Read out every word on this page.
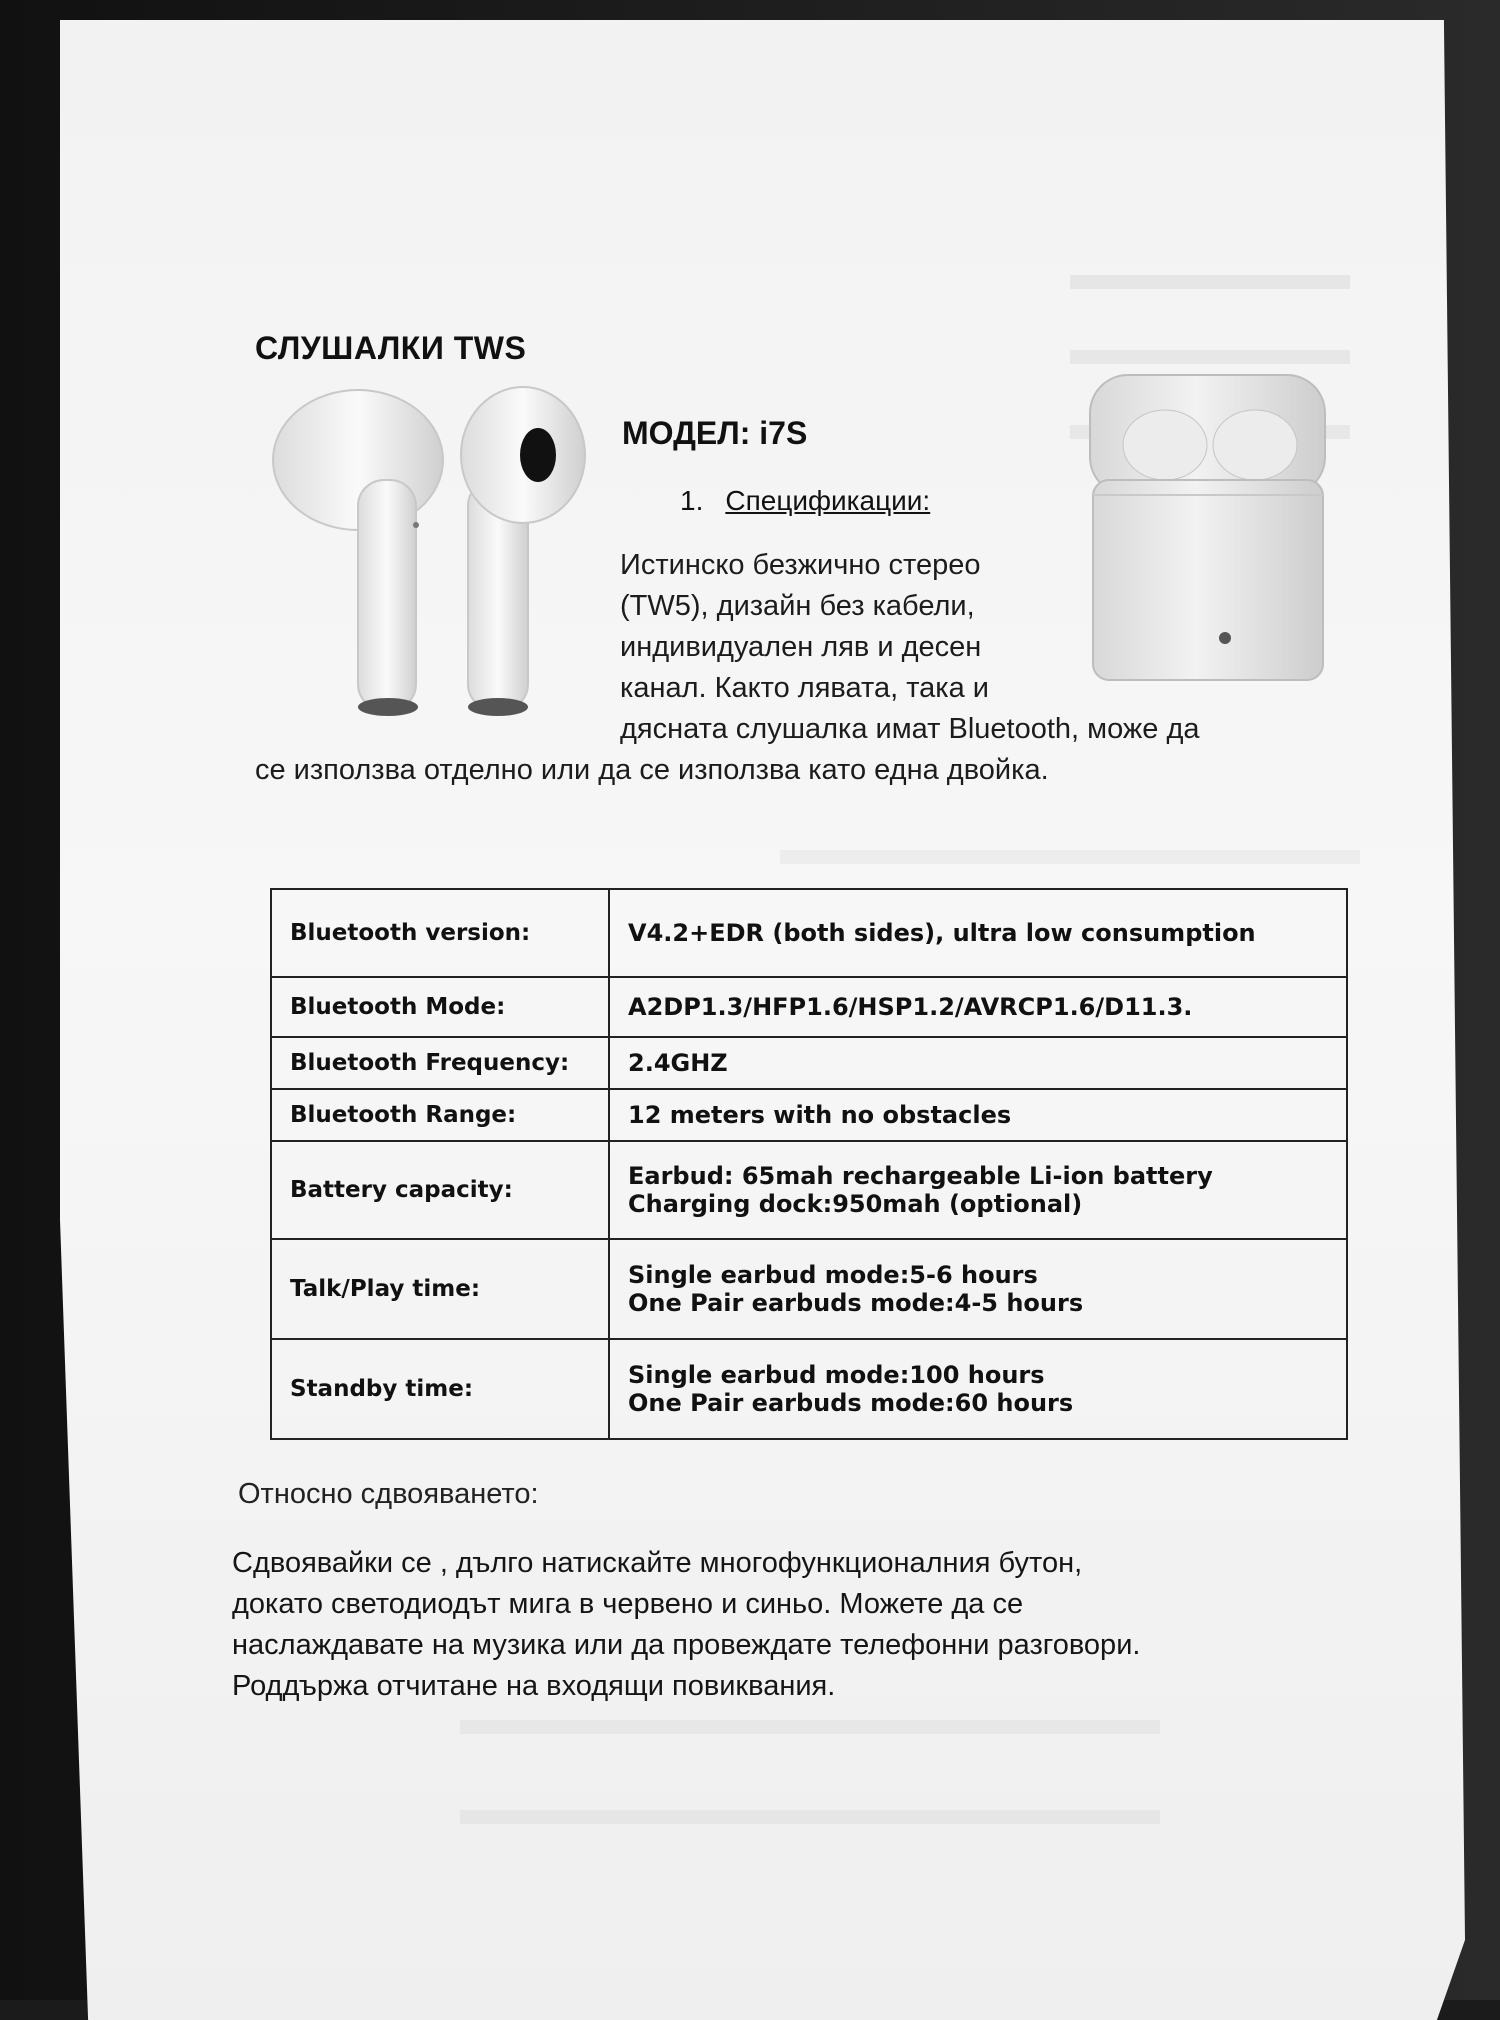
СЛУШАЛКИ TWS
МОДЕЛ: i7S
1. Спецификации:
Истинско безжично стерео
(TW5), дизайн без кабели,
индивидуален ляв и десен
канал. Както лявата, така и
дясната слушалка имат Bluetooth, може да
се използва отделно или да се използва като една двойка.
Bluetooth version:	V4.2+EDR (both sides), ultra low consumption
Bluetooth Mode:	A2DP1.3/HFP1.6/HSP1.2/AVRCP1.6/D11.3.
Bluetooth Frequency:	2.4GHZ
Bluetooth Range:	12 meters with no obstacles
Battery capacity:	Earbud: 65mah rechargeable Li-ion battery
Charging dock:950mah (optional)

Talk/Play time:	Single earbud mode:5-6 hours
One Pair earbuds mode:4-5 hours

Standby time:	Single earbud mode:100 hours
One Pair earbuds mode:60 hours
Относно сдвояването:
Сдвоявайки се , дълго натискайте многофункционалния бутон,
докато светодиодът мига в червено и синьо. Можете да се
наслаждавате на музика или да провеждате телефонни разговори.
Роддържа отчитане на входящи повиквания.
